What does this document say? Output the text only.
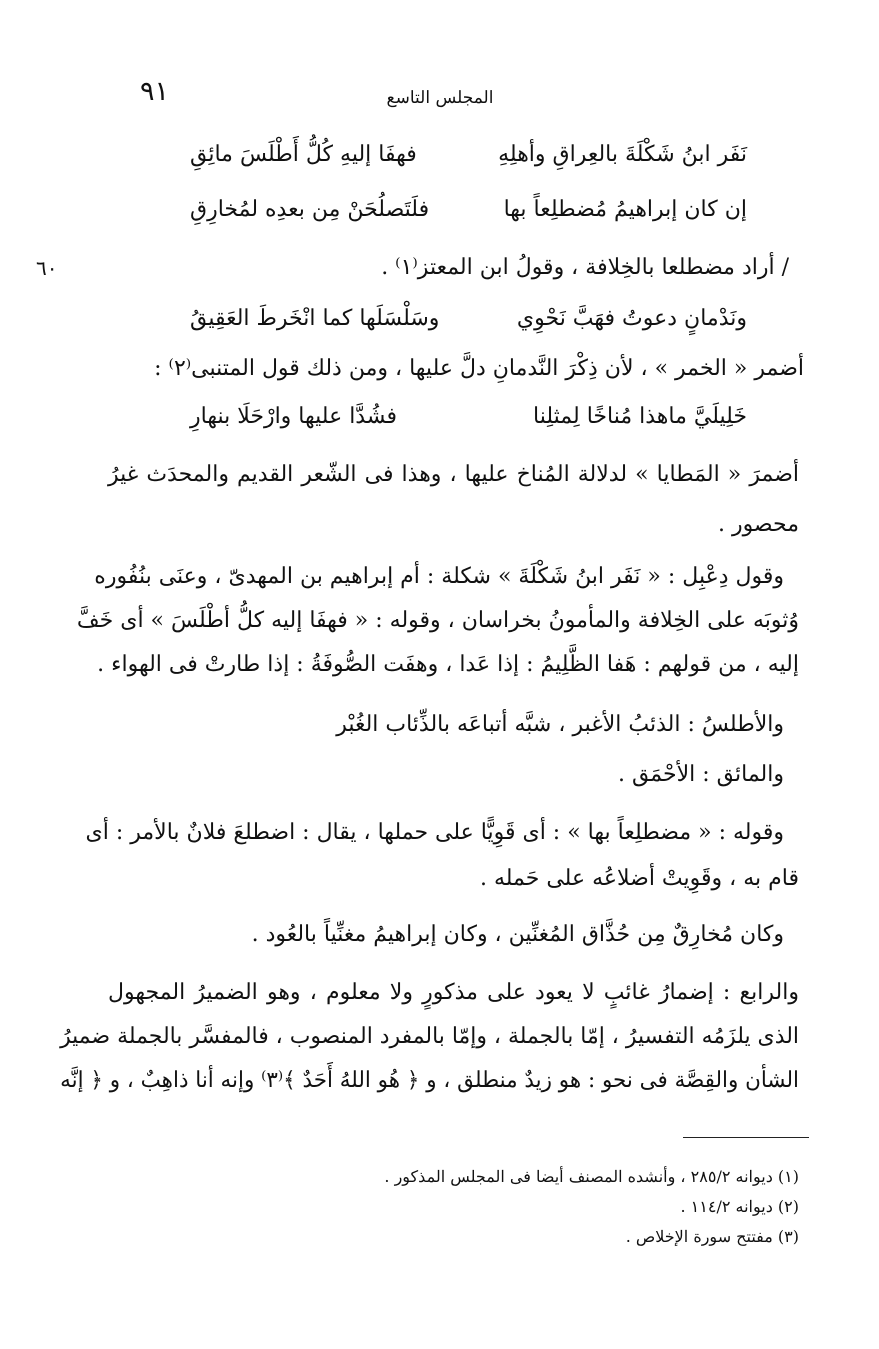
المجلس التاسع
٩١
٦٠
نَفَر ابنُ شَكْلَةَ بالعِراقِ وأهلِهِ
فهفَا إليهِ كُلُّ أَطْلَسَ مائِقِ
إن كان إبراهيمُ مُضطلِعاً بها
فلَتَصلُحَنْ مِن بعدِه لمُخارِقِ
/ أراد مضطلعا بالخِلافة ، وقولُ ابن المعتز⁽١⁾ .
ونَدْمانٍ دعوتُ فهَبَّ نَحْوِي
وسَلْسَلَها كما انْخَرطَ العَقِيقُ
أضمر « الخمر » ، لأن ذِكْرَ النَّدمانِ دلَّ عليها ، ومن ذلك قول المتنبى⁽٢⁾ :
خَلِيلَيَّ ماهذا مُناخًا لِمثلِنا
فشُدَّا عليها وارْحَلَا بنهارِ
أضمرَ « المَطايا » لدلالة المُناخ عليها ، وهذا فى الشّعر القديم والمحدَث غيرُ
محصور .
وقول دِعْبِل : « نَفَر ابنُ شَكْلَةَ » شكلة : أم إبراهيم بن المهدىّ ، وعنَى بنُفُوره
وُثوبَه على الخِلافة والمأمونُ بخراسان ، وقوله : « فهفَا إليه كلُّ أطْلَسَ » أى خَفَّ
إليه ، من قولهم : هَفا الظَّلِيمُ : إذا عَدا ، وهفَت الصُّوفَةُ : إذا طارتْ فى الهواء .
والأطلسُ : الذئبُ الأغبر ، شبَّه أتباعَه بالذِّئاب الغُبْر
والمائق : الأحْمَق .
وقوله : « مضطلِعاً بها » : أى قَوِيًّا على حملها ، يقال : اضطلعَ فلانٌ بالأمر : أى
قام به ، وقَوِيتْ أضلاعُه على حَمله .
وكان مُخارِقٌ مِن حُذَّاق المُغنِّين ، وكان إبراهيمُ مغنِّياً بالعُود .
والرابع : إضمارُ غائبٍ لا يعود على مذكورٍ ولا معلوم ، وهو الضميرُ المجهول
الذى يلزَمُه التفسيرُ ، إمّا بالجملة ، وإمّا بالمفرد المنصوب ، فالمفسَّر بالجملة ضميرُ
الشأن والقِصَّة فى نحو : هو زيدٌ منطلق ، و ﴿ هُو اللهُ أَحَدٌ ﴾⁽٣⁾ وإنه أنا ذاهِبٌ ، و ﴿ إنَّه
(١) ديوانه ٢٨٥/٢ ، وأنشده المصنف أيضا فى المجلس المذكور .
(٢) ديوانه ١١٤/٢ .
(٣) مفتتح سورة الإخلاص .
